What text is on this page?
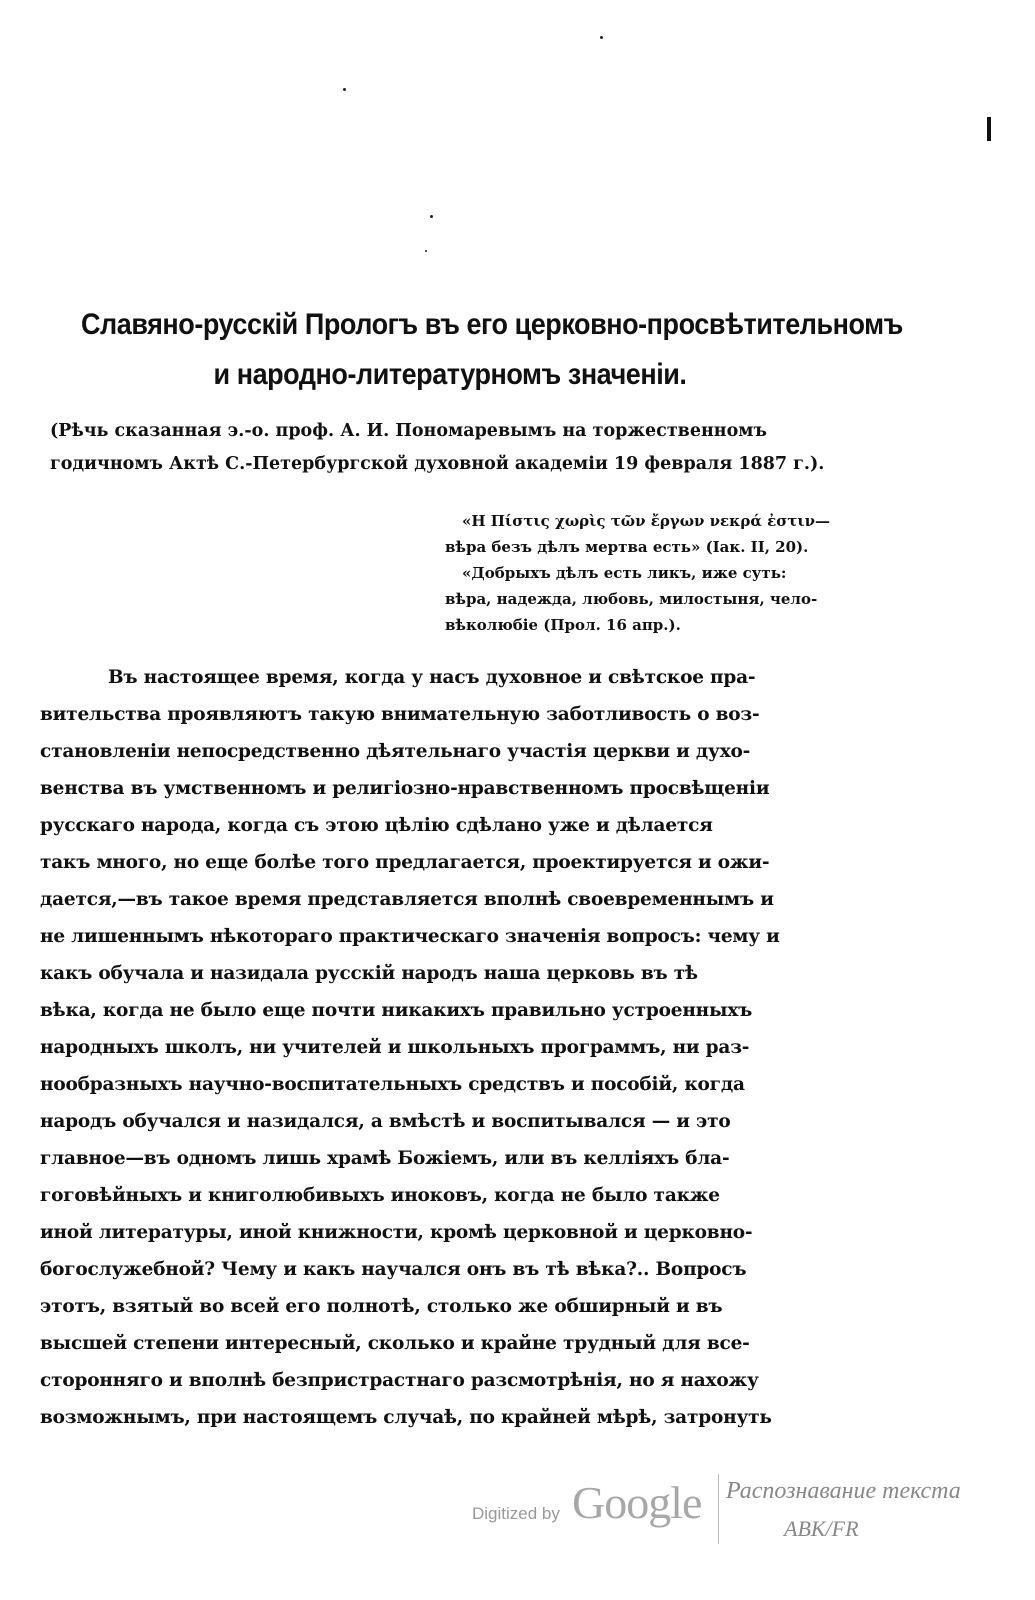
Славяно-русскій Прологъ въ его церковно-просвѣтительномъ
и народно-литературномъ значеніи.
(Рѣчь сказанная э.-о. проф. А. И. Пономаревымъ на торжественномъ
годичномъ Актѣ С.-Петербургской духовной академіи 19 февраля 1887 г.).
«Η Πίστις χωρὶς τῶν ἔργων νεκρά ἐστιν—
вѣра безъ дѣлъ мертва есть» (Iак. II, 20).
«Добрыхъ дѣлъ есть ликъ, иже суть:
вѣра, надежда, любовь, милостыня, чело-
вѣколюбіе (Прол. 16 апр.).
Въ настоящее время, когда у насъ духовное и свѣтское пра-
вительства проявляютъ такую внимательную заботливость о воз-
становленіи непосредственно дѣятельнаго участія церкви и духо-
венства въ умственномъ и религіозно-нравственномъ просвѣщеніи
русскаго народа, когда съ этою цѣлію сдѣлано уже и дѣлается
такъ много, но еще болѣе того предлагается, проектируется и ожи-
дается,—въ такое время представляется вполнѣ своевременнымъ и
не лишеннымъ нѣкотораго практическаго значенія вопросъ: чему и
какъ обучала и назидала русскій народъ наша церковь въ тѣ
вѣка, когда не было еще почти никакихъ правильно устроенныхъ
народныхъ школъ, ни учителей и школьныхъ программъ, ни раз-
нообразныхъ научно-воспитательныхъ средствъ и пособій, когда
народъ обучался и назидался, а вмѣстѣ и воспитывался — и это
главное—въ одномъ лишь храмѣ Божіемъ, или въ келліяхъ бла-
гоговѣйныхъ и книголюбивыхъ иноковъ, когда не было также
иной литературы, иной книжности, кромѣ церковной и церковно-
богослужебной? Чему и какъ научался онъ въ тѣ вѣка?.. Вопросъ
этотъ, взятый во всей его полнотѣ, столько же обширный и въ
высшей степени интересный, сколько и крайне трудный для все-
сторонняго и вполнѣ безпристрастнаго разсмотрѣнія, но я нахожу
возможнымъ, при настоящемъ случаѣ, по крайней мѣрѣ, затронуть
Digitized by Google Распознавание текста
ABK/FR
